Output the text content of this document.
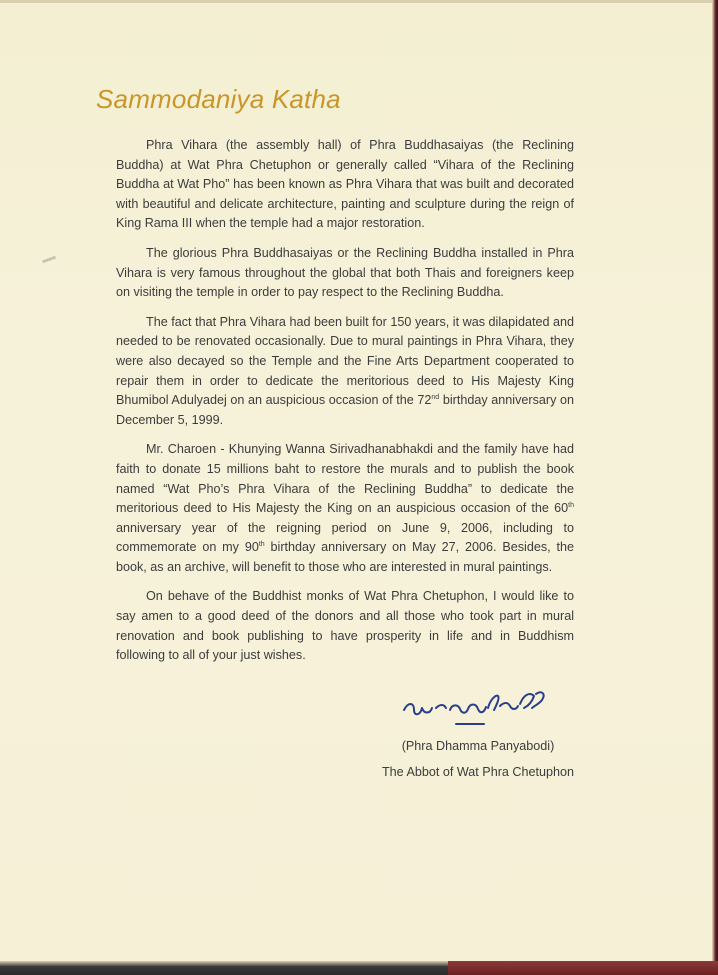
Sammodaniya Katha

Phra Vihara (the assembly hall) of Phra Buddhasaiyas (the Reclining Buddha) at Wat Phra Chetuphon or generally called “Vihara of the Reclining Buddha at Wat Pho” has been known as Phra Vihara that was built and decorated with beautiful and delicate architecture, painting and sculpture during the reign of King Rama III when the temple had a major restoration.

The glorious Phra Buddhasaiyas or the Reclining Buddha installed in Phra Vihara is very famous throughout the global that both Thais and foreigners keep on visiting the temple in order to pay respect to the Reclining Buddha.

The fact that Phra Vihara had been built for 150 years, it was dilapidated and needed to be renovated occasionally. Due to mural paintings in Phra Vihara, they were also decayed so the Temple and the Fine Arts Department cooperated to repair them in order to dedicate the meritorious deed to His Majesty King Bhumibol Adulyadej on an auspicious occasion of the 72nd birthday anniversary on December 5, 1999.

Mr. Charoen - Khunying Wanna Sirivadhanabhakdi and the family have had faith to donate 15 millions baht to restore the murals and to publish the book named “Wat Pho’s Phra Vihara of the Reclining Buddha” to dedicate the meritorious deed to His Majesty the King on an auspicious occasion of the 60th anniversary year of the reigning period on June 9, 2006, including to commemorate on my 90th birthday anniversary on May 27, 2006. Besides, the book, as an archive, will benefit to those who are interested in mural paintings.

On behave of the Buddhist monks of Wat Phra Chetuphon, I would like to say amen to a good deed of the donors and all those who took part in mural renovation and book publishing to have prosperity in life and in Buddhism following to all of your just wishes.

(Phra Dhamma Panyabodi)
The Abbot of Wat Phra Chetuphon
